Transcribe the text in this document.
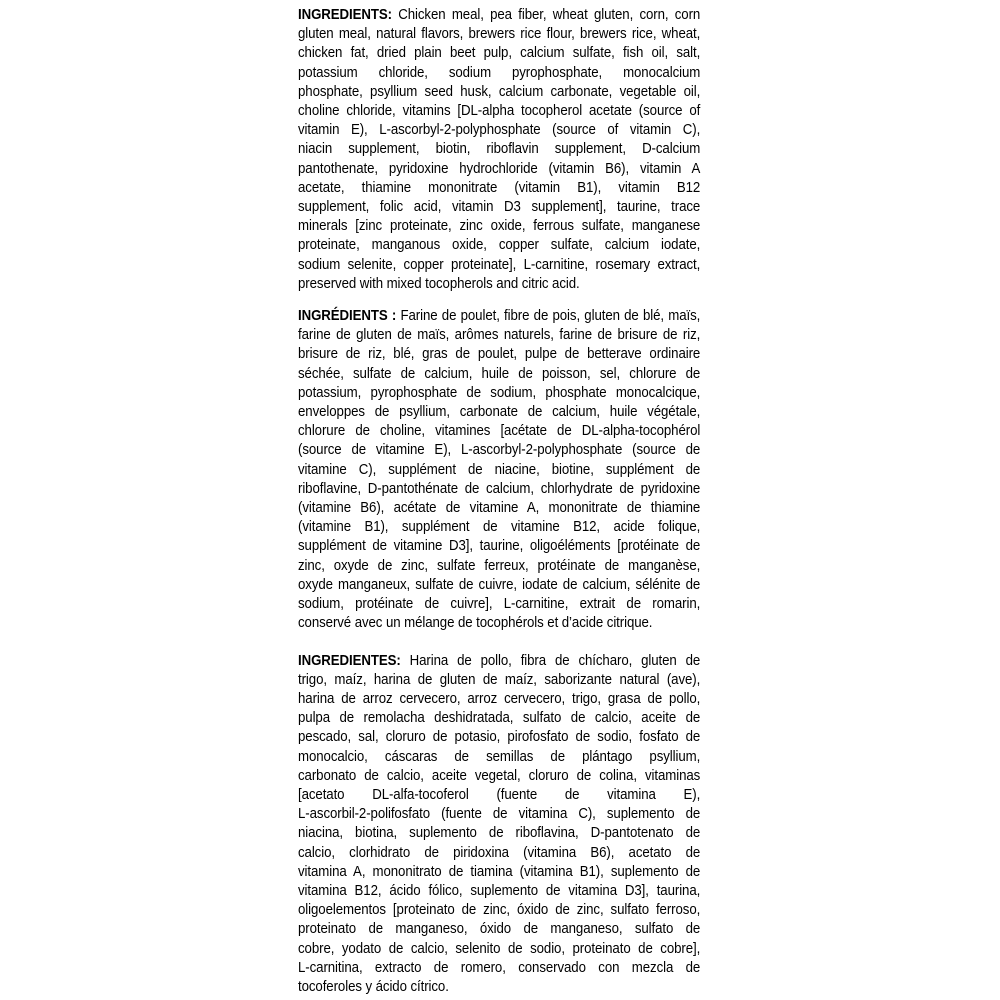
INGREDIENTS: Chicken meal, pea fiber, wheat gluten, corn, corn
gluten meal, natural flavors, brewers rice flour, brewers rice, wheat,
chicken fat, dried plain beet pulp, calcium sulfate, fish oil, salt,
potassium chloride, sodium pyrophosphate, monocalcium
phosphate, psyllium seed husk, calcium carbonate, vegetable oil,
choline chloride, vitamins [DL-alpha tocopherol acetate (source of
vitamin E), L-ascorbyl-2-polyphosphate (source of vitamin C),
niacin supplement, biotin, riboflavin supplement, D-calcium
pantothenate, pyridoxine hydrochloride (vitamin B6), vitamin A
acetate, thiamine mononitrate (vitamin B1), vitamin B12
supplement, folic acid, vitamin D3 supplement], taurine, trace
minerals [zinc proteinate, zinc oxide, ferrous sulfate, manganese
proteinate, manganous oxide, copper sulfate, calcium iodate,
sodium selenite, copper proteinate], L-carnitine, rosemary extract,
preserved with mixed tocopherols and citric acid.
INGRÉDIENTS : Farine de poulet, fibre de pois, gluten de blé, maïs,
farine de gluten de maïs, arômes naturels, farine de brisure de riz,
brisure de riz, blé, gras de poulet, pulpe de betterave ordinaire
séchée, sulfate de calcium, huile de poisson, sel, chlorure de
potassium, pyrophosphate de sodium, phosphate monocalcique,
enveloppes de psyllium, carbonate de calcium, huile végétale,
chlorure de choline, vitamines [acétate de DL-alpha-tocophérol
(source de vitamine E), L-ascorbyl-2-polyphosphate (source de
vitamine C), supplément de niacine, biotine, supplément de
riboflavine, D-pantothénate de calcium, chlorhydrate de pyridoxine
(vitamine B6), acétate de vitamine A, mononitrate de thiamine
(vitamine B1), supplément de vitamine B12, acide folique,
supplément de vitamine D3], taurine, oligoéléments [protéinate de
zinc, oxyde de zinc, sulfate ferreux, protéinate de manganèse,
oxyde manganeux, sulfate de cuivre, iodate de calcium, sélénite de
sodium, protéinate de cuivre], L-carnitine, extrait de romarin,
conservé avec un mélange de tocophérols et d’acide citrique.
INGREDIENTES: Harina de pollo, fibra de chícharo, gluten de
trigo, maíz, harina de gluten de maíz, saborizante natural (ave),
harina de arroz cervecero, arroz cervecero, trigo, grasa de pollo,
pulpa de remolacha deshidratada, sulfato de calcio, aceite de
pescado, sal, cloruro de potasio, pirofosfato de sodio, fosfato de
monocalcio, cáscaras de semillas de plántago psyllium,
carbonato de calcio, aceite vegetal, cloruro de colina, vitaminas
[acetato DL-alfa-tocoferol (fuente de vitamina E),
L-ascorbil-2-polifosfato (fuente de vitamina C), suplemento de
niacina, biotina, suplemento de riboflavina, D-pantotenato de
calcio, clorhidrato de piridoxina (vitamina B6), acetato de
vitamina A, mononitrato de tiamina (vitamina B1), suplemento de
vitamina B12, ácido fólico, suplemento de vitamina D3], taurina,
oligoelementos [proteinato de zinc, óxido de zinc, sulfato ferroso,
proteinato de manganeso, óxido de manganeso, sulfato de
cobre, yodato de calcio, selenito de sodio, proteinato de cobre],
L-carnitina, extracto de romero, conservado con mezcla de
tocoferoles y ácido cítrico.
